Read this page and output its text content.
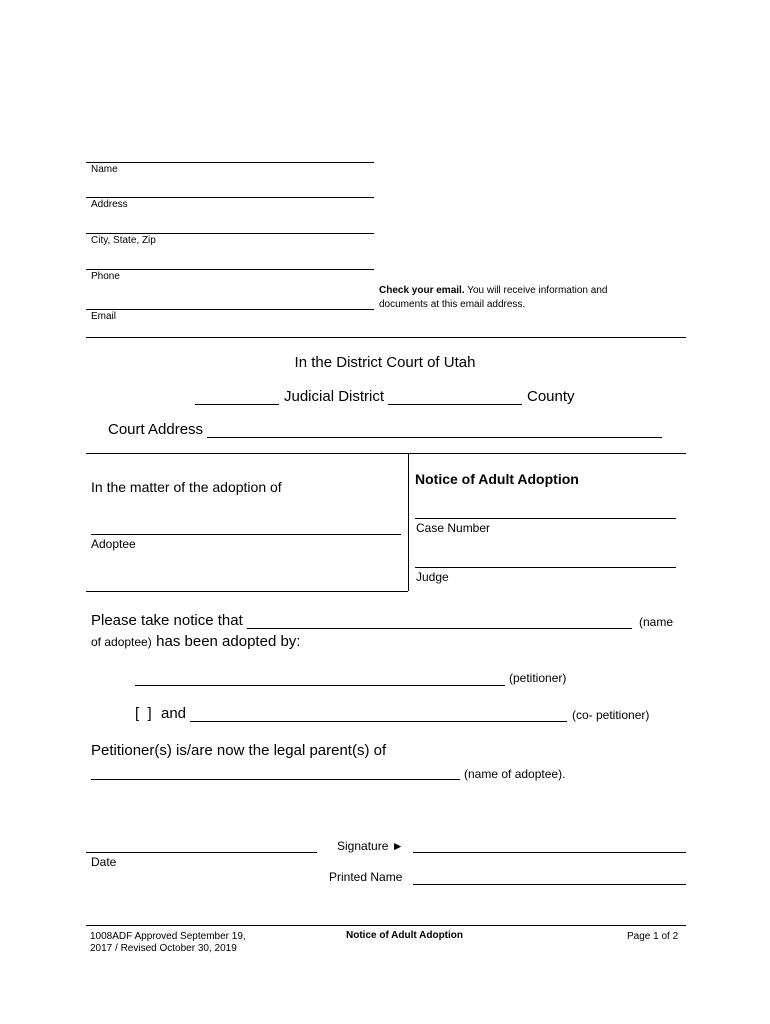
Name
Address
City, State, Zip
Phone
Email
Check your email. You will receive information and documents at this email address.
In the District Court of Utah
Judicial District	County
Court Address
In the matter of the adoption of
Adoptee
Notice of Adult Adoption
Case Number
Judge
Please take notice that	(name
of adoptee) has been adopted by:
(petitioner)
[  ] and	(co- petitioner)
Petitioner(s) is/are now the legal parent(s) of
(name of adoptee).
Date
Signature ►
Printed Name
1008ADF Approved September 19,
2017 / Revised October 30, 2019
Notice of Adult Adoption	Page 1 of 2
